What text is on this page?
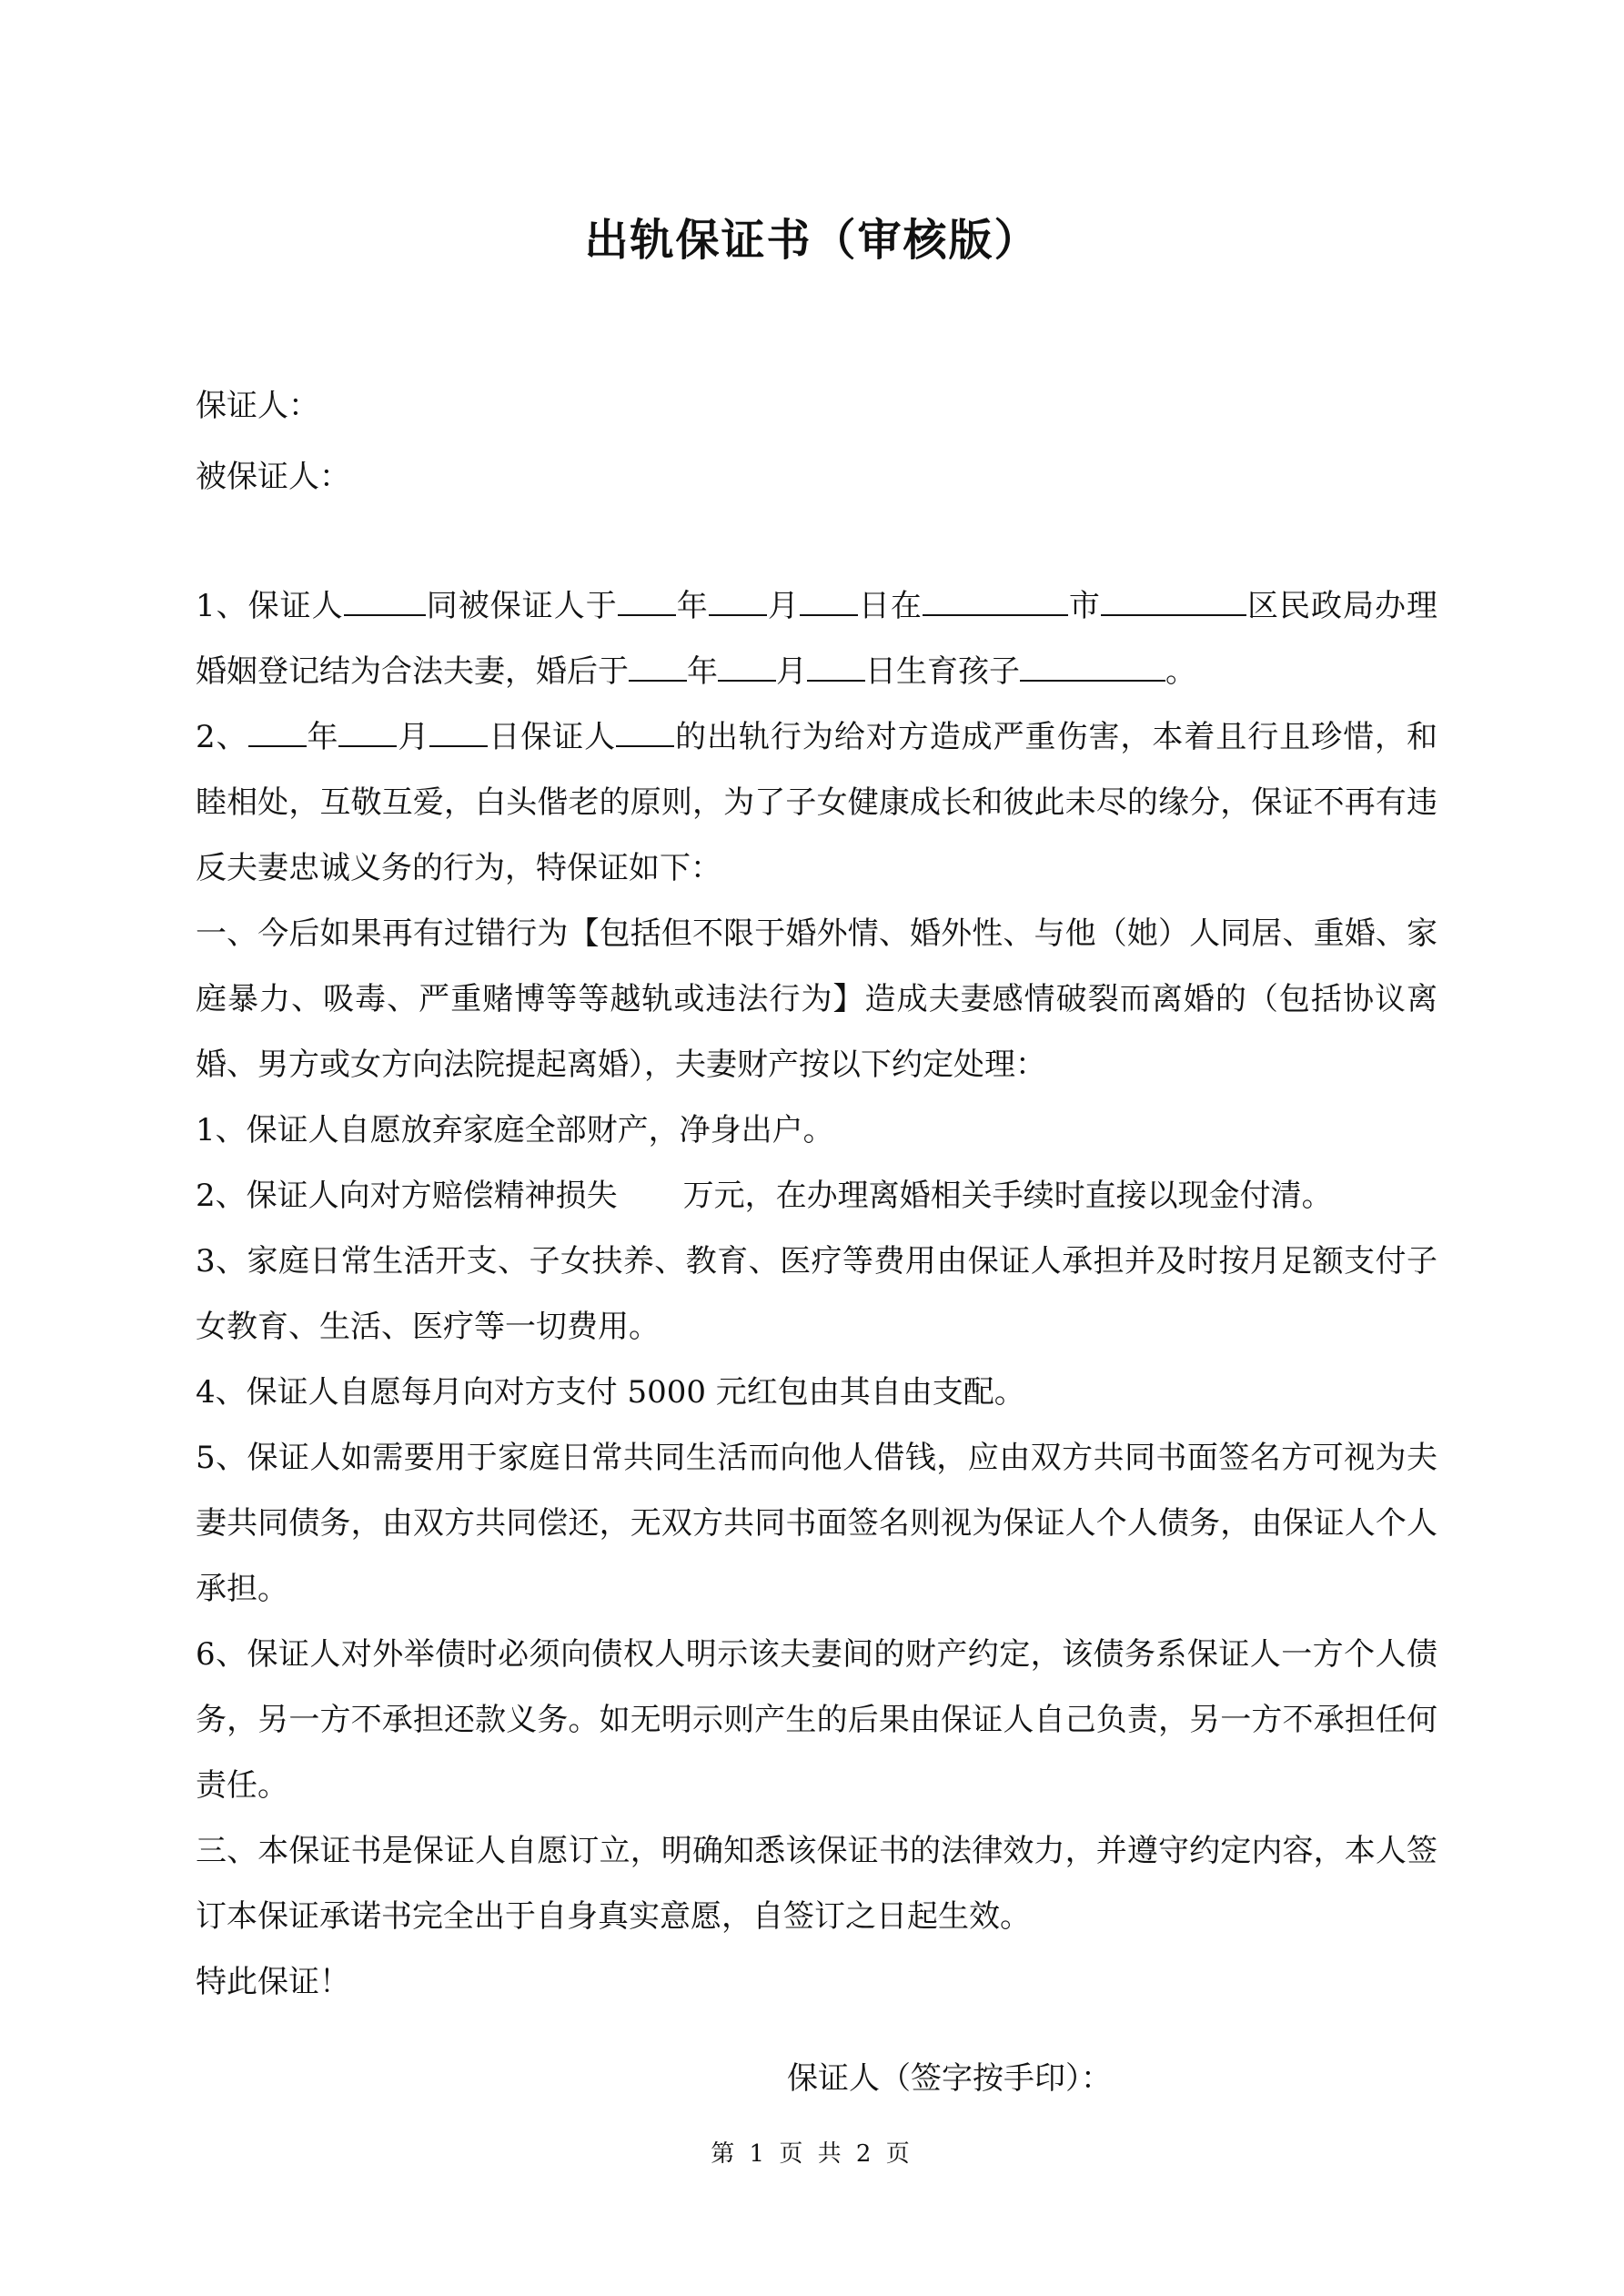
出轨保证书（审核版）
保证人：
被保证人：

1、保证人	同被保证人于 年 月 日在	市	区民政局办理婚姻登记结为合法夫妻，婚后于 年 月 日生育孩子	。

2、 年 月 日保证人 的出轨行为给对方造成严重伤害，本着且行且珍惜，和睦相处，互敬互爱，白头偕老的原则，为了子女健康成长和彼此未尽的缘分，保证不再有违反夫妻忠诚义务的行为，特保证如下：

一、今后如果再有过错行为【包括但不限于婚外情、婚外性、与他（她）人同居、重婚、家庭暴力、吸毒、严重赌博等等越轨或违法行为】造成夫妻感情破裂而离婚的（包括协议离婚、男方或女方向法院提起离婚），夫妻财产按以下约定处理：

1、保证人自愿放弃家庭全部财产，净身出户。

2、保证人向对方赔偿精神损失 万元，在办理离婚相关手续时直接以现金付清。

3、家庭日常生活开支、子女扶养、教育、医疗等费用由保证人承担并及时按月足额支付子女教育、生活、医疗等一切费用。

4、保证人自愿每月向对方支付 5000 元红包由其自由支配。

5、保证人如需要用于家庭日常共同生活而向他人借钱，应由双方共同书面签名方可视为夫妻共同债务，由双方共同偿还，无双方共同书面签名则视为保证人个人债务，由保证人个人承担。

6、保证人对外举债时必须向债权人明示该夫妻间的财产约定，该债务系保证人一方个人债务，另一方不承担还款义务。如无明示则产生的后果由保证人自己负责，另一方不承担任何责任。

三、本保证书是保证人自愿订立，明确知悉该保证书的法律效力，并遵守约定内容，本人签订本保证承诺书完全出于自身真实意愿，自签订之日起生效。

特此保证！

保证人（签字按手印）：
第 1 页 共 2 页
